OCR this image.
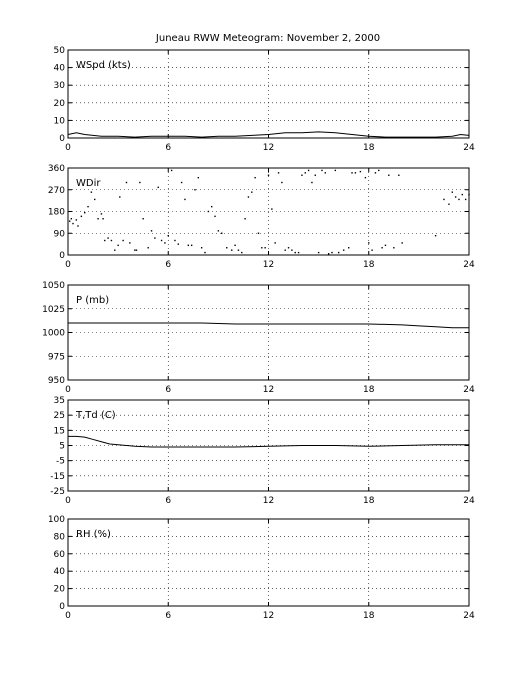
Juneau RWW Meteogram: November 2, 2000
0	6	12	18	24
0
10
20
30
40
50
WSpd (kts)
0	6	12	18	24
0
90
180
270
360
WDir
0	6	12	18	24
950
975
1000
1025
1050
P (mb)
0	6	12	18	24
-25
-15
-5
5
15
25
35
T,Td (C)
0	6	12	18	24
0
20
40
60
80
100
RH (%)
